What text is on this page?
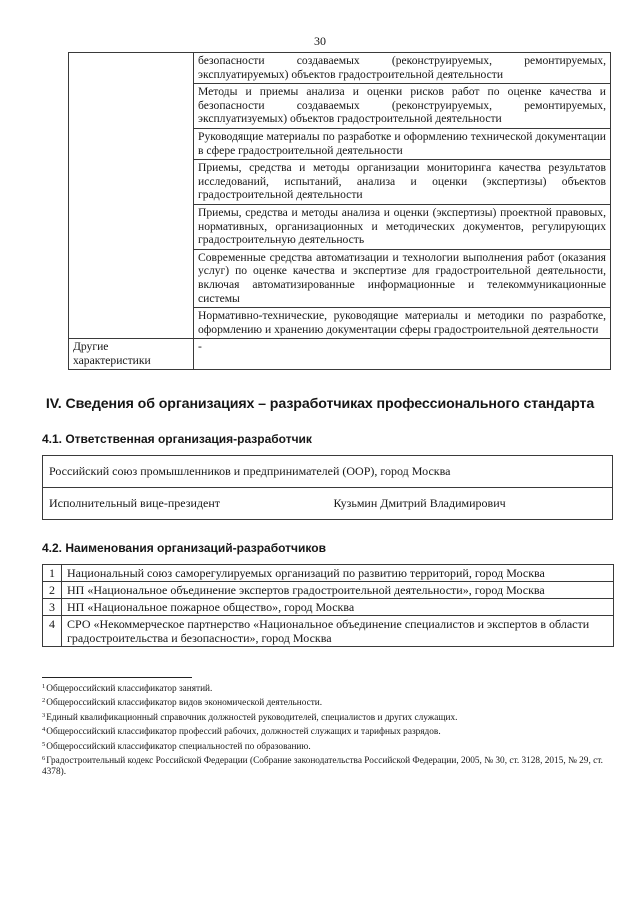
30
	безопасности создаваемых (реконструируемых, ремонтируемых, эксплуатируемых) объектов градостроительной деятельности
	Методы и приемы анализа и оценки рисков работ по оценке качества и безопасности создаваемых (реконструируемых, ремонтируемых, эксплуатизуемых) объектов градостроительной деятельности
	Руководящие материалы по разработке и оформлению технической документации в сфере градостроительной деятельности
	Приемы, средства и методы организации мониторинга качества результатов исследований, испытаний, анализа и оценки (экспертизы) объектов градостроительной деятельности
	Приемы, средства и методы анализа и оценки (экспертизы) проектной правовых, нормативных, организационных и методических документов, регулирующих градостроительную деятельность
	Современные средства автоматизации и технологии выполнения работ (оказания услуг) по оценке качества и экспертизе для градостроительной деятельности, включая автоматизированные информационные и телекоммуникационные системы
	Нормативно-технические, руководящие материалы и методики по разработке, оформлению и хранению документации сферы градостроительной деятельности
Другие характеристики	-
IV. Сведения об организациях – разработчиках профессионального стандарта
4.1. Ответственная организация-разработчик
Российский союз промышленников и предпринимателей (ООР), город Москва
Исполнительный вице-президент	Кузьмин Дмитрий Владимирович
4.2. Наименования организаций-разработчиков
1	Национальный союз саморегулируемых организаций по развитию территорий, город Москва
2	НП «Национальное объединение экспертов градостроительной деятельности», город Москва
3	НП «Национальное пожарное общество», город Москва
4	СРО «Некоммерческое партнерство «Национальное объединение специалистов и экспертов в области градостроительства и безопасности», город Москва
$^1$Общероссийский классификатор занятий.
$^2$Общероссийский классификатор видов экономической деятельности.
$^3$Единый квалификационный справочник должностей руководителей, специалистов и других служащих.
$^4$Общероссийский классификатор профессий рабочих, должностей служащих и тарифных разрядов.
$^5$Общероссийский классификатор специальностей по образованию.
$^6$Градостроительный кодекс Российской Федерации (Собрание законодательства Российской Федерации, 2005, № 30, ст. 3128, 2015, № 29, ст. 4378).
